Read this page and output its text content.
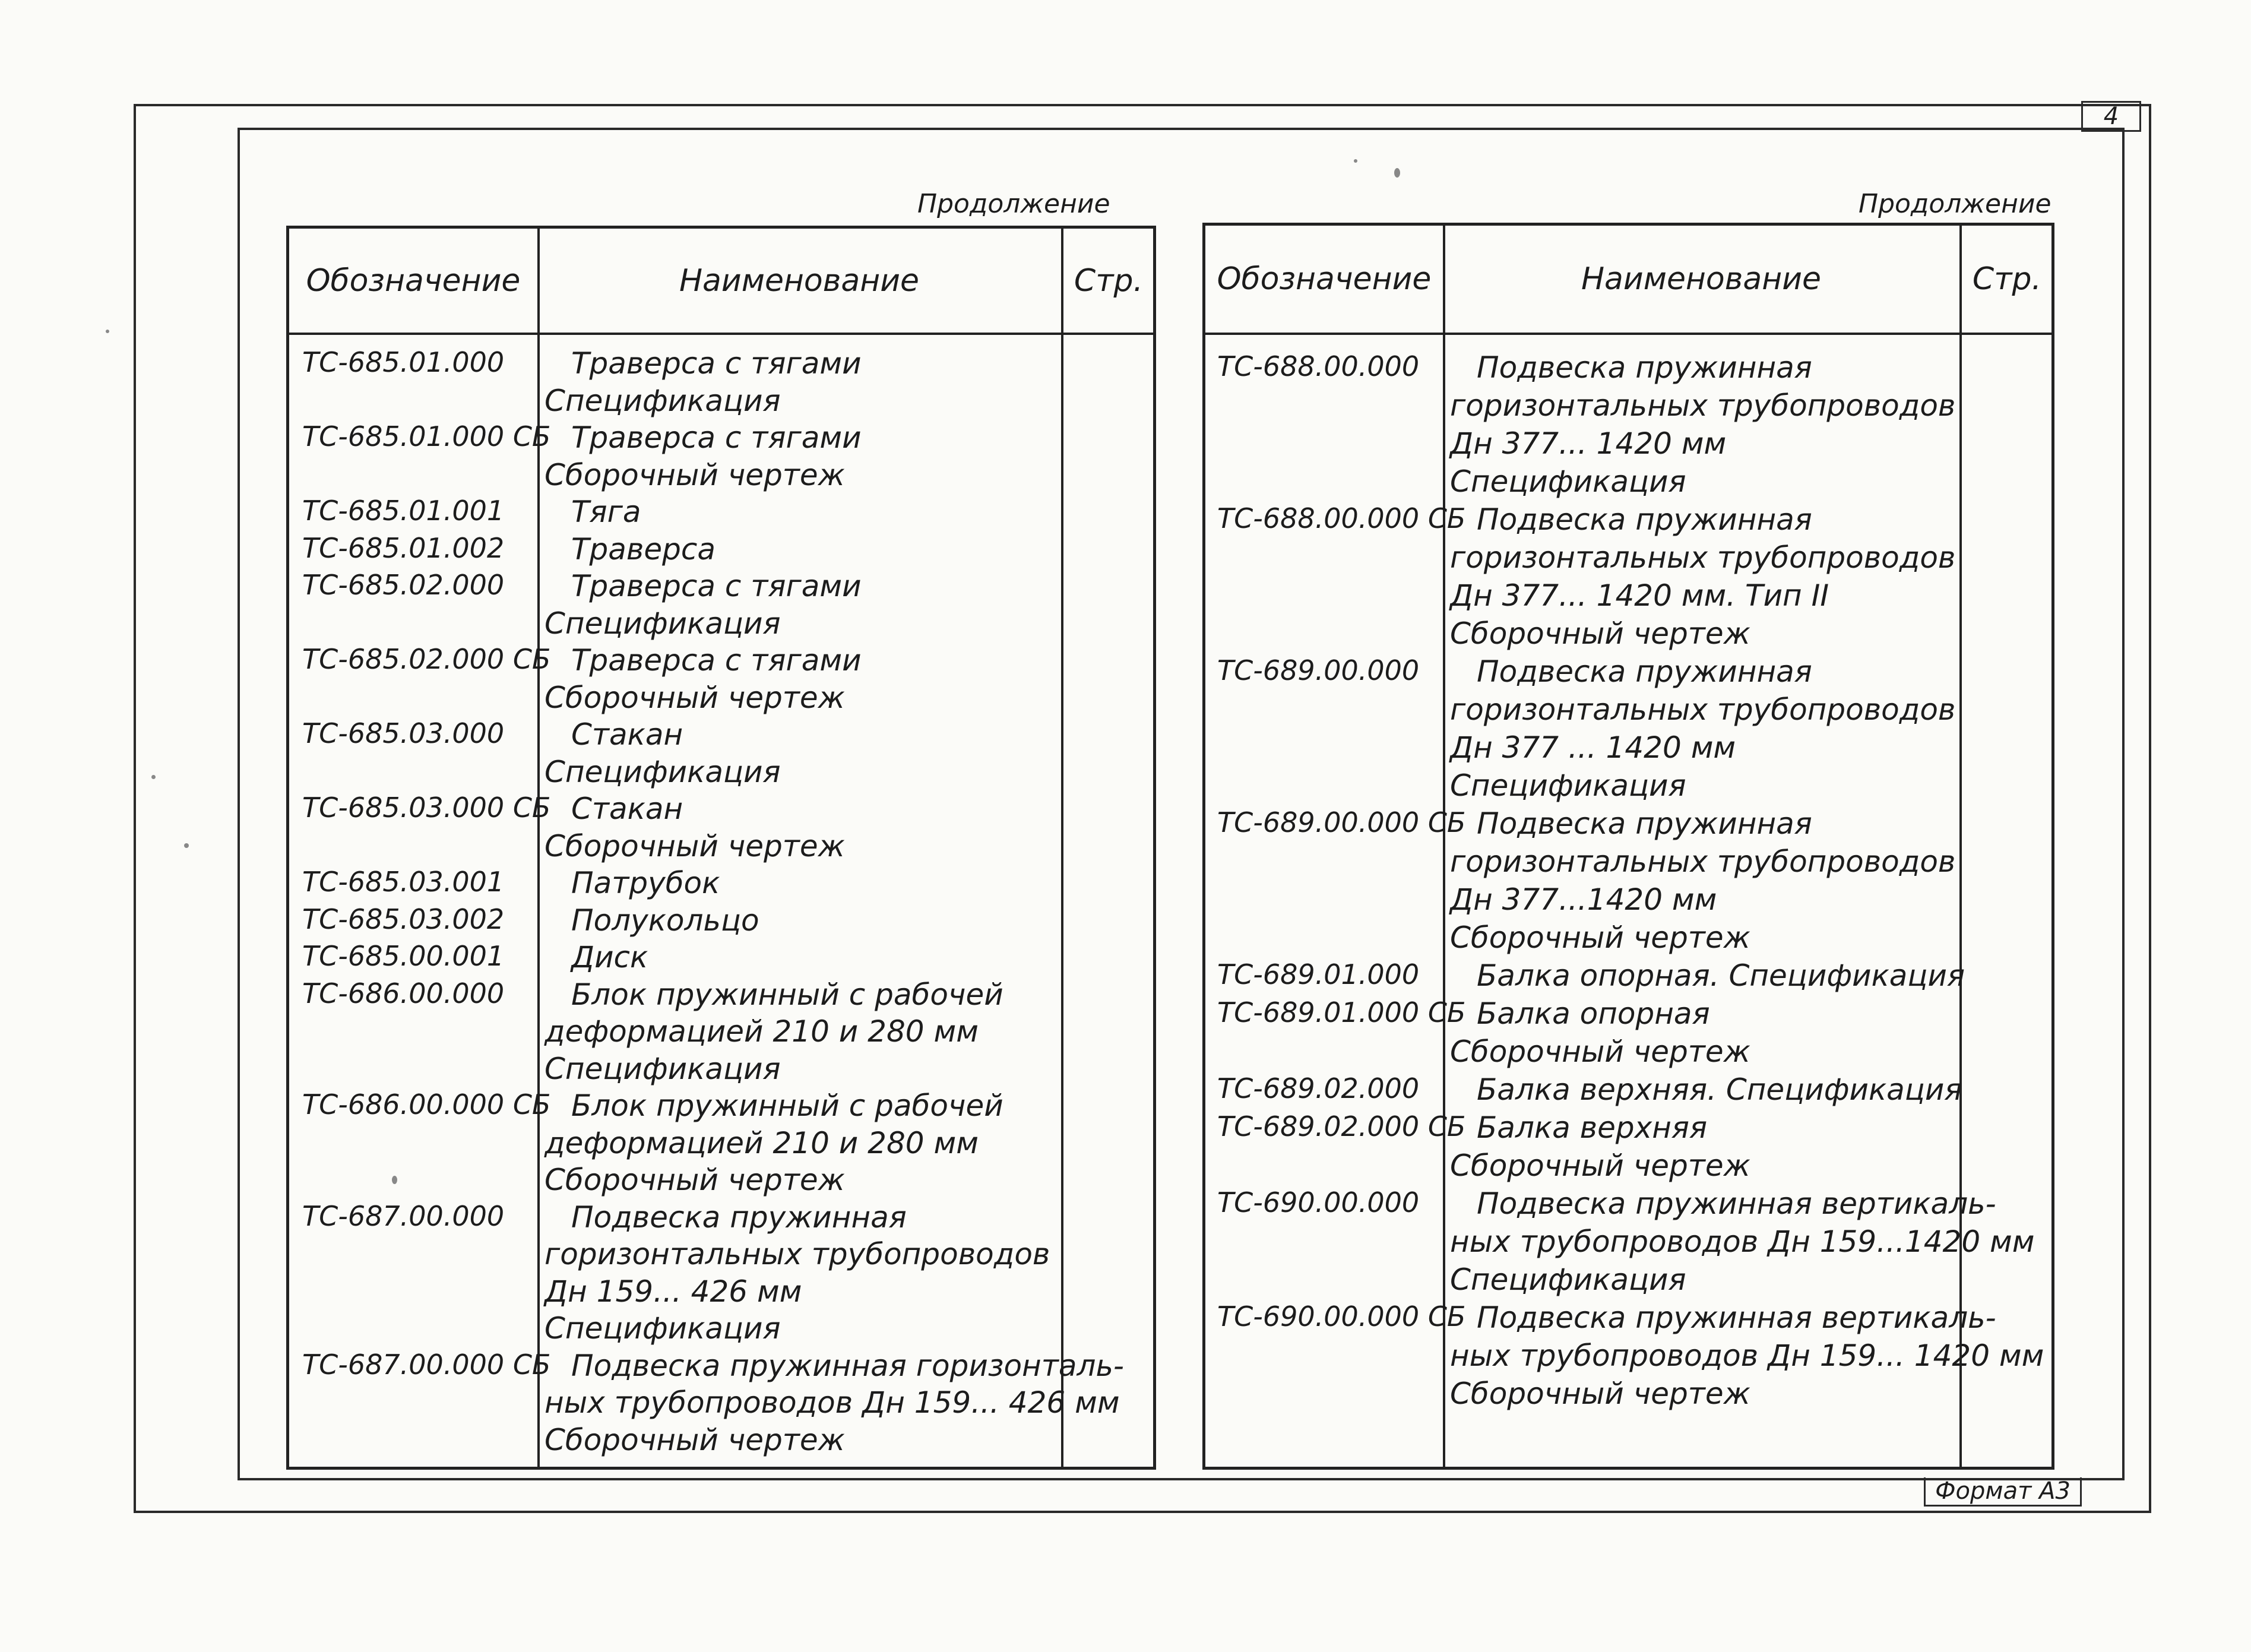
4
Продолжение	Продолжение
Обозначение	Наименование	Стр.
ТС-685.01.000 Траверса с тягами
Спецификация
ТС-685.01.000 СБ Траверса с тягами
Сборочный чертеж
ТС-685.01.001 Тяга
ТС-685.01.002 Траверса
ТС-685.02.000 Траверса с тягами
Спецификация
ТС-685.02.000 СБ Траверса с тягами
Сборочный чертеж
ТС-685.03.000 Стакан
Спецификация
ТС-685.03.000 СБ Стакан
Сборочный чертеж
ТС-685.03.001 Патрубок
ТС-685.03.002 Полукольцо
ТС-685.00.001 Диск
ТС-686.00.000 Блок пружинный с рабочей
деформацией 210 и 280 мм
Спецификация
ТС-686.00.000 СБ Блок пружинный с рабочей
деформацией 210 и 280 мм
Сборочный чертеж
ТС-687.00.000 Подвеска пружинная
горизонтальных трубопроводов
Дн 159... 426 мм
Спецификация
ТС-687.00.000 СБ Подвеска пружинная горизонталь-
ных трубопроводов Дн 159... 426 мм
Сборочный чертеж
Обозначение	Наименование	Стр.
ТС-688.00.000 Подвеска пружинная
горизонтальных трубопроводов
Дн 377... 1420 мм
Спецификация
ТС-688.00.000 СБ Подвеска пружинная
горизонтальных трубопроводов
Дн 377... 1420 мм. Тип II
Сборочный чертеж
ТС-689.00.000 Подвеска пружинная
горизонтальных трубопроводов
Дн 377 ... 1420 мм
Спецификация
ТС-689.00.000 СБ Подвеска пружинная
горизонтальных трубопроводов
Дн 377...1420 мм
Сборочный чертеж
ТС-689.01.000 Балка опорная. Спецификация
ТС-689.01.000 СБ Балка опорная
Сборочный чертеж
ТС-689.02.000 Балка верхняя. Спецификация
ТС-689.02.000 СБ Балка верхняя
Сборочный чертеж
ТС-690.00.000 Подвеска пружинная вертикаль-
ных трубопроводов Дн 159...1420 мм
Спецификация
ТС-690.00.000 СБ Подвеска пружинная вертикаль-
ных трубопроводов Дн 159... 1420 мм
Сборочный чертеж
Формат А3
